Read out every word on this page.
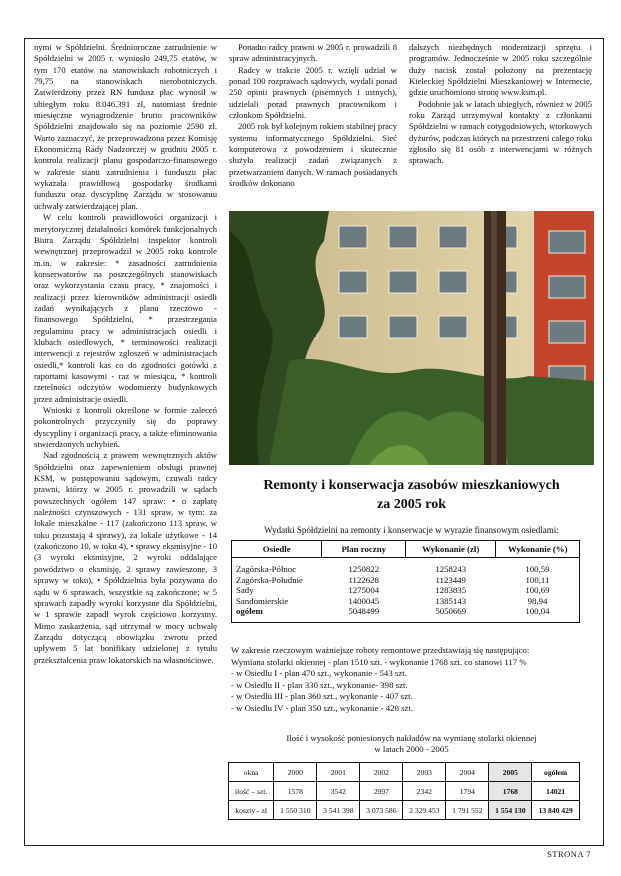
nymi w Spółdzielni. Średnioroczne zatrudnienie w Spółdzielni w 2005 r. wyniosło 249,75 etatów, w tym 170 etatów na stanowiskach robotniczych i 79,75 na stanowiskach nierobotniczych. Zatwierdzony przez RN fundusz płac wynosił w ubiegłym roku 8.046.391 zł, natomiast średnie miesięczne wynagrodzenie brutto pracowników Spółdzielni znajdowało się na poziomie 2590 zł. Warto zaznaczyć, że przeprowadzona przez Komisję Ekonomiczną Rady Nadzorczej w grudniu 2005 r. kontrola realizacji planu gospodarczo-finansowego w zakresie stanu zatrudnienia i funduszu płac wykazała prawidłową gospodarkę środkami funduszu oraz dyscyplinę Zarządu w stosowaniu uchwały zatwierdzającej plan.

W celu kontroli prawidłowości organizacji i merytorycznej działalności komórek funkcjonalnych Biura Zarządu Spółdzielni inspektor kontroli wewnętrznej przeprowadził w 2005 roku kontrole m.in. w zakresie: * zasadności zatrudnienia konserwatorów na poszczególnych stanowiskach oraz wykorzystania czasu pracy, * znajomości i realizacji przez kierowników administracji osiedli zadań wynikających z planu rzeczowo - finansowego Spółdzielni, * przestrzegania regulaminu pracy w administracjach osiedli i klubach osiedlowych, * terminowości realizacji interwencji z rejestrów zgłoszeń w administracjach osiedli,* kontroli kas co do zgodności gotówki z raportami kasowymi - raz w miesiącu, * kontroli rzetelności odczytów wodomierzy budynkowych przez administracje osiedli.

Wnioski z kontroli określone w formie zaleceń pokontrolnych przyczyniły się do poprawy dyscypliny i organizacji pracy, a także eliminowania stwierdzonych uchybień.

Nad zgodnością z prawem wewnętrznych aktów Spółdzielni oraz zapewnieniem obsługi prawnej KSM, w postępowaniu sądowym, czuwali radcy prawni, którzy w 2005 r. prowadzili w sądach powszechnych ogółem 147 spraw: • o zapłatę należności czynszowych - 131 spraw, w tym: za lokale mieszkalne - 117 (zakończono 113 spraw, w toku pozostają 4 sprawy), za lokale użytkowe - 14 (zakończono 10, w toku 4), • sprawy eksmisyjne - 10 (3 wyroki eksmisyjne, 2 wyroki oddalające powództwo o eksmisję, 2 sprawy zawieszone, 3 sprawy w toku), • Spółdzielnia była pozywana do sądu w 6 sprawach, wszystkie są zakończone; w 5 sprawach zapadły wyroki korzystne dla Spółdzielni, w 1 sprawie zapadł wyrok częściowo korzystny. Mimo zaskarżenia, sąd utrzymał w mocy uchwałę Zarządu dotyczącą obowiązku zwrotu przed upływem 5 lat bonifikaty udzielonej z tytułu przekształcenia praw lokatorskich na własnościowe.

Ponadto radcy prawni w 2005 r. prowadzili 8 spraw administracyjnych.

Radcy w trakcie 2005 r. wzięli udział w ponad 100 rozprawach sądowych, wydali ponad 250 opinii prawnych (pisemnych i ustnych), udzielali porad prawnych pracownikom i członkom Spółdzielni.

2005 rok był kolejnym rokiem stabilnej pracy systemu informatycznego Spółdzielni. Sieć komputerowa z powodzeniem i skutecznie służyła realizacji zadań związanych z przetwarzaniem danych. W ramach posiadanych środków dokonano

dalszych niezbędnych modernizacji sprzętu i programów. Jednocześnie w 2005 roku szczególnie duży nacisk został położony na prezentację Kieleckiej Spółdzielni Mieszkaniowej w Internecie, gdzie uruchomiono stronę www.ksm.pl.

Podobnie jak w latach ubiegłych, również w 2005 roku Zarząd utrzymywał kontakty z członkami Spółdzielni w ramach cotygodniowych, wtorkowych dyżurów, podczas których na przestrzeni całego roku zgłosiło się 81 osób z interwencjami w różnych sprawach.

Remonty i konserwacja zasobów mieszkaniowych
za 2005 rok
Wydatki Spółdzielni na remonty i konserwacje w wyrazie finansowym osiedlami:
Osiedle	Plan roczny	Wykonanie (zł)	Wykonanie (%)
Zagórska-Północ	1250822	1258243	100,59
Zagórska-Południe	1122628	1123449	100,11
Sady	1275004	1283835	100,69
Sandomierskie	1400045	1385143	98,94
ogółem	5048499	5050669	100,04
W zakresie rzeczowym ważniejsze roboty remontowe przedstawiają się następująco:
Wymiana stolarki okiennej - plan 1510 szt. - wykonanie 1768 szt. co stanowi 117 %
- w Osiedlu I - plan 470 szt., wykonanie - 543 szt.
- w Osiedlu II - plan 330 szt., wykonanie- 398 szt.
- w Osiedlu III - plan 360 szt., wykonanie - 407 szt.
- w Osiedlu IV - plan 350 szt., wykonanie - 420 szt.
Ilość i wysokość poniesionych nakładów na wymianę stolarki okiennej
w latach 2000 - 2005
okna	2000	2001	2002	2003	2004	2005	ogółem
ilość – szt.	1578	3542	2997	2342	1794	1768	14021
koszty - zł	1 550 310	3 541 398	3 073 586	2 329 453	1 791 552	1 554 130	13 840 429
STRONA 7
